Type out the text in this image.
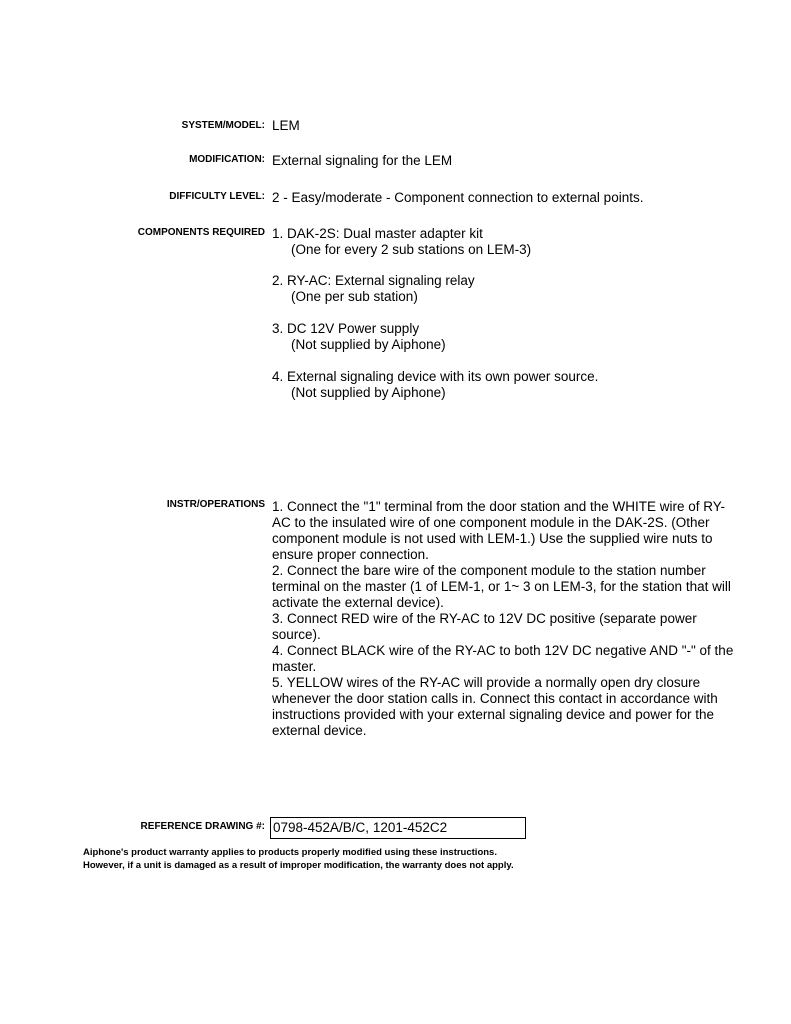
SYSTEM/MODEL: LEM
MODIFICATION: External signaling for the LEM
DIFFICULTY LEVEL: 2 - Easy/moderate - Component connection to external points.
COMPONENTS REQUIRED 1. DAK-2S: Dual master adapter kit
(One for every 2 sub stations on LEM-3)
2. RY-AC: External signaling relay
(One per sub station)
3. DC 12V Power supply
(Not supplied by Aiphone)
4. External signaling device with its own power source.
(Not supplied by Aiphone)
INSTR/OPERATIONS 1. Connect the "1" terminal from the door station and the WHITE wire of RY-AC to the insulated wire of one component module in the DAK-2S. (Other component module is not used with LEM-1.) Use the supplied wire nuts to ensure proper connection.

2. Connect the bare wire of the component module to the station number terminal on the master (1 of LEM-1, or 1~ 3 on LEM-3, for the station that will activate the external device).

3. Connect RED wire of the RY-AC to 12V DC positive (separate power source).

4. Connect BLACK wire of the RY-AC to both 12V DC negative AND "-" of the master.

5. YELLOW wires of the RY-AC will provide a normally open dry closure whenever the door station calls in. Connect this contact in accordance with instructions provided with your external signaling device and power for the external device.

REFERENCE DRAWING #: 0798-452A/B/C, 1201-452C2
Aiphone's product warranty applies to products properly modified using these instructions.
However, if a unit is damaged as a result of improper modification, the warranty does not apply.
